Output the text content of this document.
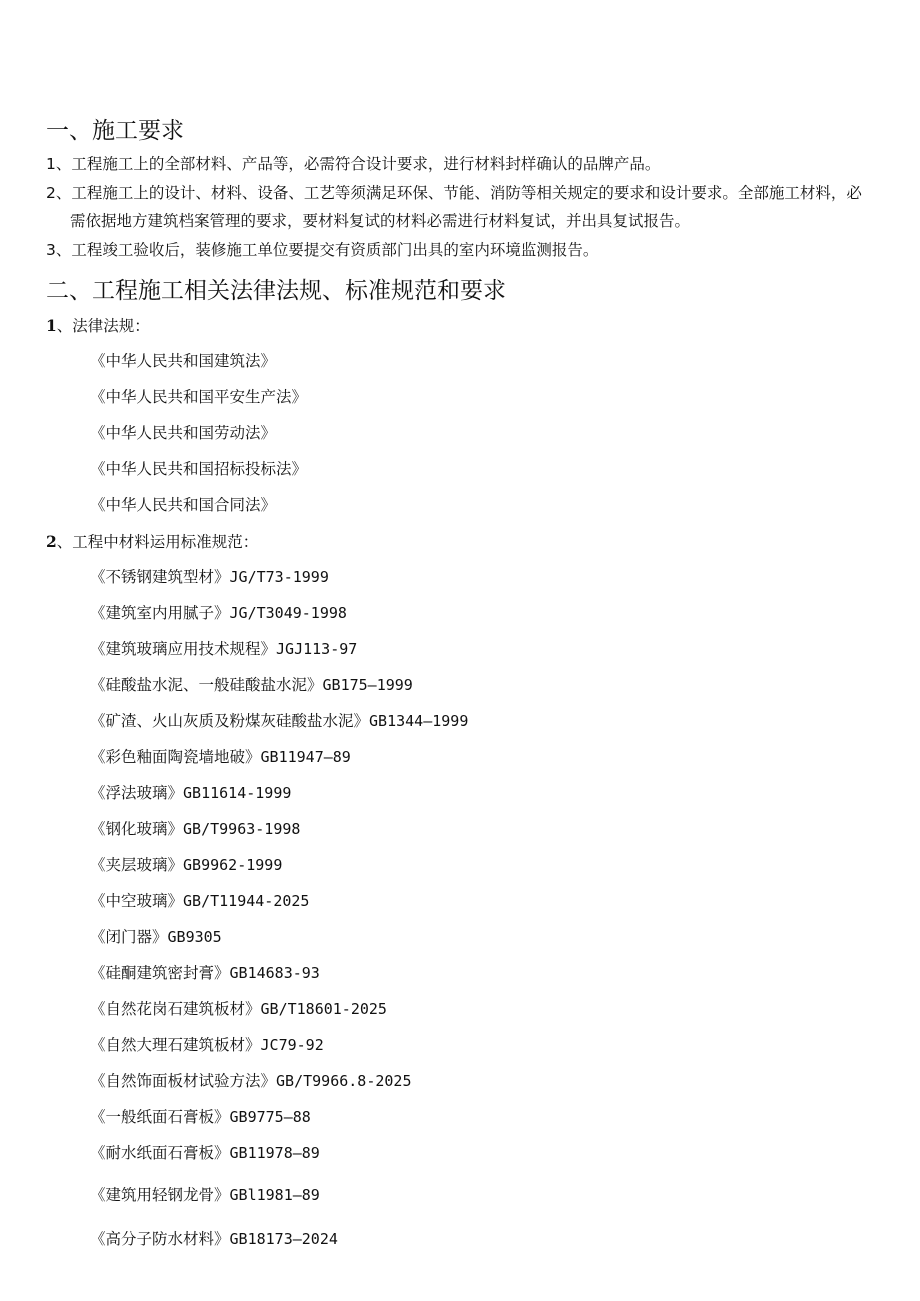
一、施工要求
1、工程施工上的全部材料、产品等，必需符合设计要求，进行材料封样确认的品牌产品。
2、工程施工上的设计、材料、设备、工艺等须满足环保、节能、消防等相关规定的要求和设计要求。全部施工材料，必需依据地方建筑档案管理的要求，要材料复试的材料必需进行材料复试，并出具复试报告。
3、工程竣工验收后，装修施工单位要提交有资质部门出具的室内环境监测报告。
二、工程施工相关法律法规、标准规范和要求
1、法律法规：
《中华人民共和国建筑法》
《中华人民共和国平安生产法》
《中华人民共和国劳动法》
《中华人民共和国招标投标法》
《中华人民共和国合同法》
2、工程中材料运用标准规范：
《不锈钢建筑型材》JG/T73-1999
《建筑室内用腻子》JG/T3049-1998
《建筑玻璃应用技术规程》JGJ113-97
《硅酸盐水泥、一般硅酸盐水泥》GB175—1999
《矿渣、火山灰质及粉煤灰硅酸盐水泥》GB1344—1999
《彩色釉面陶瓷墙地破》GB11947—89
《浮法玻璃》GB11614-1999
《钢化玻璃》GB/T9963-1998
《夹层玻璃》GB9962-1999
《中空玻璃》GB/T11944-2025
《闭门器》GB9305
《硅酮建筑密封膏》GB14683-93
《自然花岗石建筑板材》GB/T18601-2025
《自然大理石建筑板材》JC79-92
《自然饰面板材试验方法》GB/T9966.8-2025
《一般纸面石膏板》GB9775—88
《耐水纸面石膏板》GB11978—89
《建筑用轻钢龙骨》GBl1981—89
《高分子防水材料》GB18173—2024
